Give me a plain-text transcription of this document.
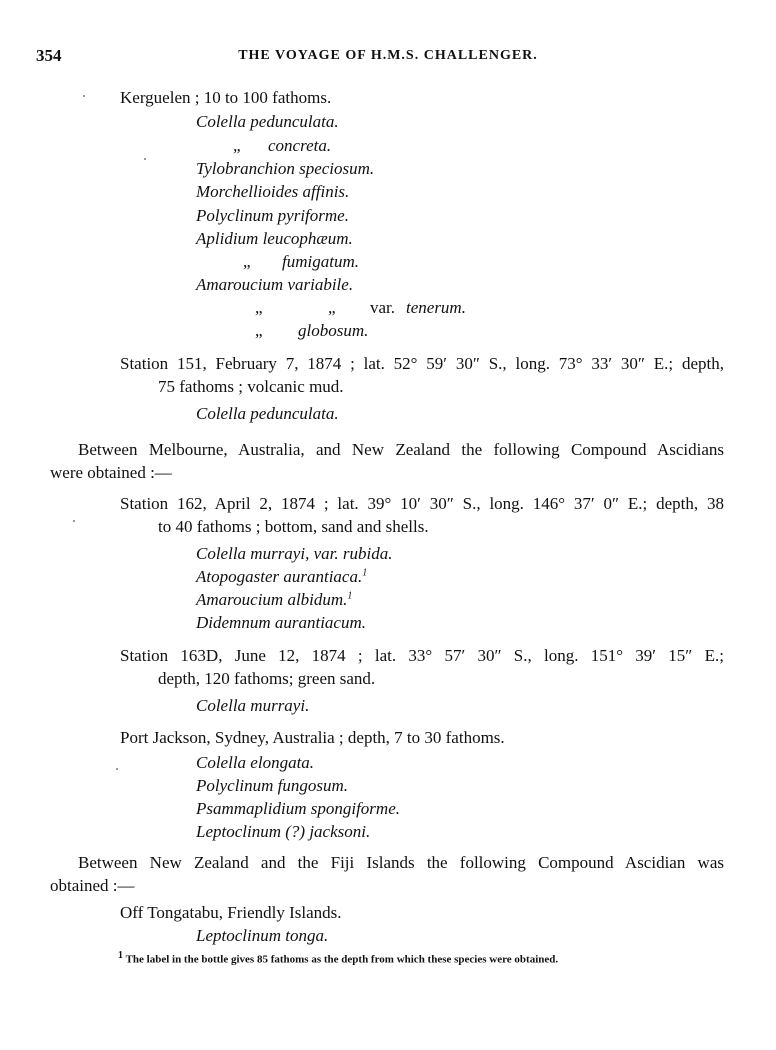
354	THE VOYAGE OF H.M.S. CHALLENGER.
Kerguelen ; 10 to 100 fathoms.
Colella pedunculata.
„ concreta.
Tylobranchion speciosum.
Morchellioides affinis.
Polyclinum pyriforme.
Aplidium leucophæum.
„ fumigatum.
Amaroucium variabile.
„	„ var. tenerum.
„ globosum.
Station 151, February 7, 1874 ; lat. 52° 59′ 30″ S., long. 73° 33′ 30″ E.; depth,
75 fathoms ; volcanic mud.
Colella pedunculata.
Between Melbourne, Australia, and New Zealand the following Compound Ascidians
were obtained :—
Station 162, April 2, 1874 ; lat. 39° 10′ 30″ S., long. 146° 37′ 0″ E.; depth, 38
to 40 fathoms ; bottom, sand and shells.
Colella murrayi, var. rubida.
Atopogaster aurantiaca.$^1$
Amaroucium albidum.$^1$
Didemnum aurantiacum.
Station 163D, June 12, 1874 ; lat. 33° 57′ 30″ S., long. 151° 39′ 15″ E.;
depth, 120 fathoms; green sand.
Colella murrayi.
Port Jackson, Sydney, Australia ; depth, 7 to 30 fathoms.
Colella elongata.
Polyclinum fungosum.
Psammaplidium spongiforme.
Leptoclinum (?) jacksoni.
Between New Zealand and the Fiji Islands the following Compound Ascidian was
obtained :—
Off Tongatabu, Friendly Islands.
Leptoclinum tonga.
$^1$ The label in the bottle gives 85 fathoms as the depth from which these species were obtained.
